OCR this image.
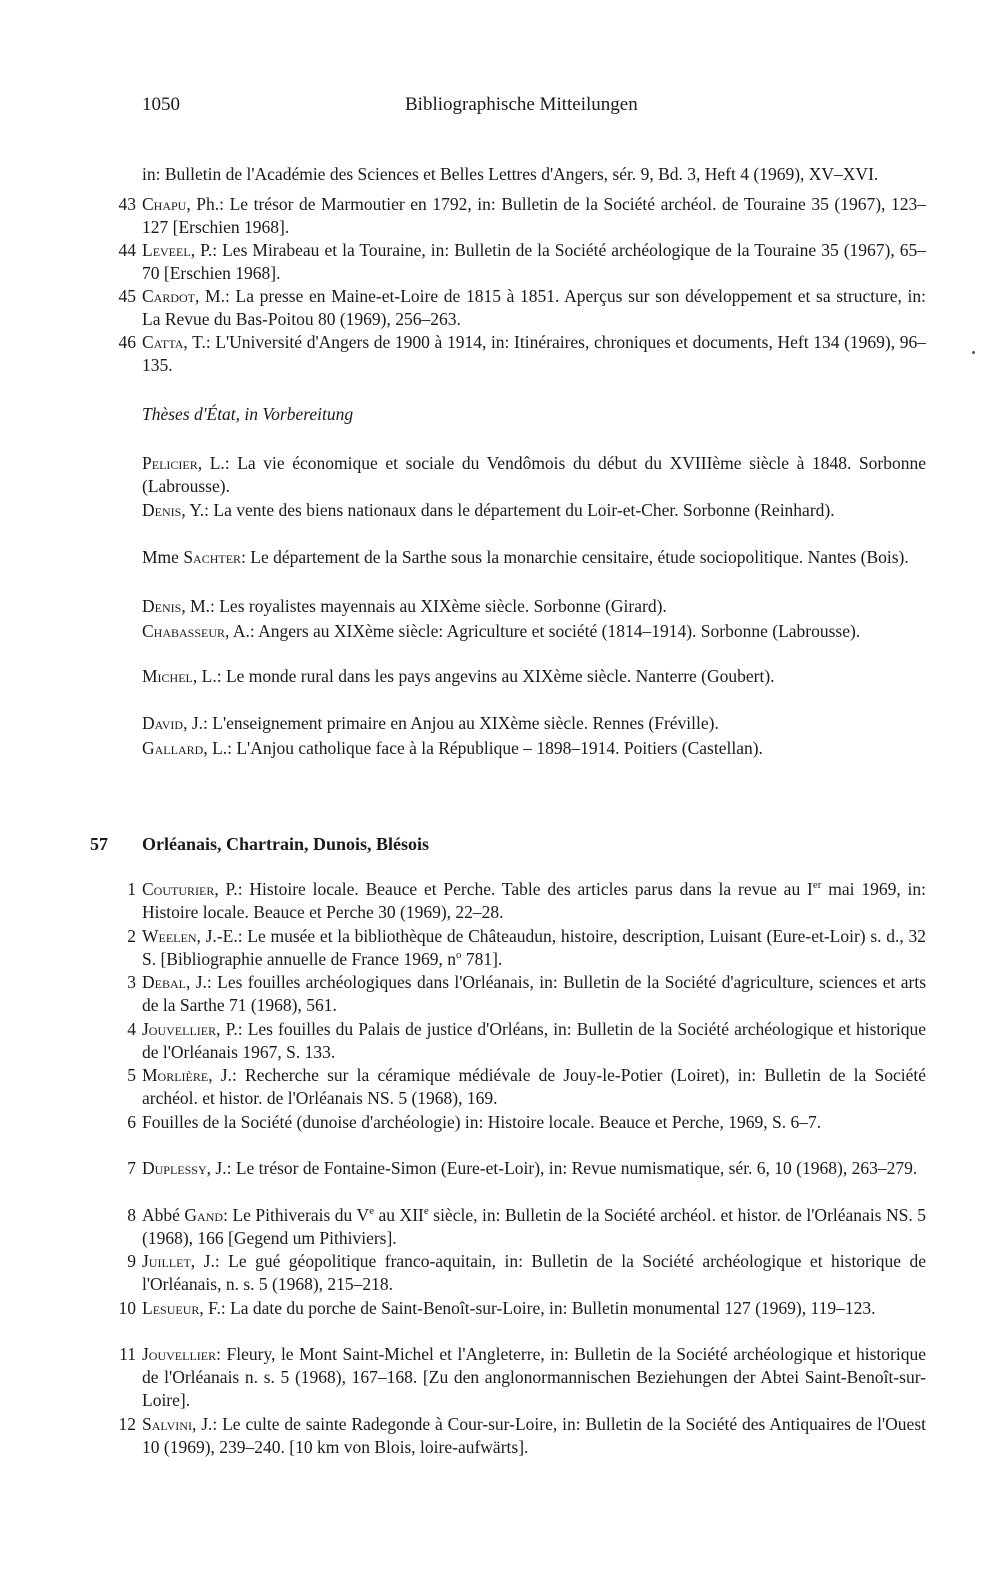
1050	Bibliographische Mitteilungen

in: Bulletin de l'Académie des Sciences et Belles Lettres d'Angers, sér. 9, Bd. 3, Heft 4 (1969), XV–XVI.

43 Chapu, Ph.: Le trésor de Marmoutier en 1792, in: Bulletin de la Société archéol. de Touraine 35 (1967), 123–127 [Erschien 1968].

44 Leveel, P.: Les Mirabeau et la Touraine, in: Bulletin de la Société archéologique de la Touraine 35 (1967), 65–70 [Erschien 1968].

45 Cardot, M.: La presse en Maine-et-Loire de 1815 à 1851. Aperçus sur son développement et sa structure, in: La Revue du Bas-Poitou 80 (1969), 256–263.

46 Catta, T.: L'Université d'Angers de 1900 à 1914, in: Itinéraires, chroniques et documents, Heft 134 (1969), 96–135.

Thèses d'État, in Vorbereitung

Pelicier, L.: La vie économique et sociale du Vendômois du début du XVIIIème siècle à 1848. Sorbonne (Labrousse).

Denis, Y.: La vente des biens nationaux dans le département du Loir-et-Cher. Sorbonne (Reinhard).

Mme Sachter: Le département de la Sarthe sous la monarchie censitaire, étude sociopolitique. Nantes (Bois).

Denis, M.: Les royalistes mayennais au XIXème siècle. Sorbonne (Girard).

Chabasseur, A.: Angers au XIXème siècle: Agriculture et société (1814–1914). Sorbonne (Labrousse).

Michel, L.: Le monde rural dans les pays angevins au XIXème siècle. Nanterre (Goubert).

David, J.: L'enseignement primaire en Anjou au XIXème siècle. Rennes (Fréville).

Gallard, L.: L'Anjou catholique face à la République – 1898–1914. Poitiers (Castellan).

57 Orléanais, Chartrain, Dunois, Blésois

1 Couturier, P.: Histoire locale. Beauce et Perche. Table des articles parus dans la revue au Ier mai 1969, in: Histoire locale. Beauce et Perche 30 (1969), 22–28.

2 Weelen, J.-E.: Le musée et la bibliothèque de Châteaudun, histoire, description, Luisant (Eure-et-Loir) s. d., 32 S. [Bibliographie annuelle de France 1969, $n^o$ 781].

3 Debal, J.: Les fouilles archéologiques dans l'Orléanais, in: Bulletin de la Société d'agriculture, sciences et arts de la Sarthe 71 (1968), 561.

4 Jouvellier, P.: Les fouilles du Palais de justice d'Orléans, in: Bulletin de la Société archéologique et historique de l'Orléanais 1967, S. 133.

5 Morlière, J.: Recherche sur la céramique médiévale de Jouy-le-Potier (Loiret), in: Bulletin de la Société archéol. et histor. de l'Orléanais NS. 5 (1968), 169.

6 Fouilles de la Société (dunoise d'archéologie) in: Histoire locale. Beauce et Perche, 1969, S. 6–7.

7 Duplessy, J.: Le trésor de Fontaine-Simon (Eure-et-Loir), in: Revue numismatique, sér. 6, 10 (1968), 263–279.

8 Abbé Gand: Le Pithiverais du Ve au XIIe siècle, in: Bulletin de la Société archéol. et histor. de l'Orléanais NS. 5 (1968), 166 [Gegend um Pithiviers].

9 Juillet, J.: Le gué géopolitique franco-aquitain, in: Bulletin de la Société archéologique et historique de l'Orléanais, n. s. 5 (1968), 215–218.

10 Lesueur, F.: La date du porche de Saint-Benoît-sur-Loire, in: Bulletin monumental 127 (1969), 119–123.

11 Jouvellier: Fleury, le Mont Saint-Michel et l'Angleterre, in: Bulletin de la Société archéologique et historique de l'Orléanais n. s. 5 (1968), 167–168. [Zu den anglonormannischen Beziehungen der Abtei Saint-Benoît-sur-Loire].

12 Salvini, J.: Le culte de sainte Radegonde à Cour-sur-Loire, in: Bulletin de la Société des Antiquaires de l'Ouest 10 (1969), 239–240. [10 km von Blois, loire-aufwärts].
